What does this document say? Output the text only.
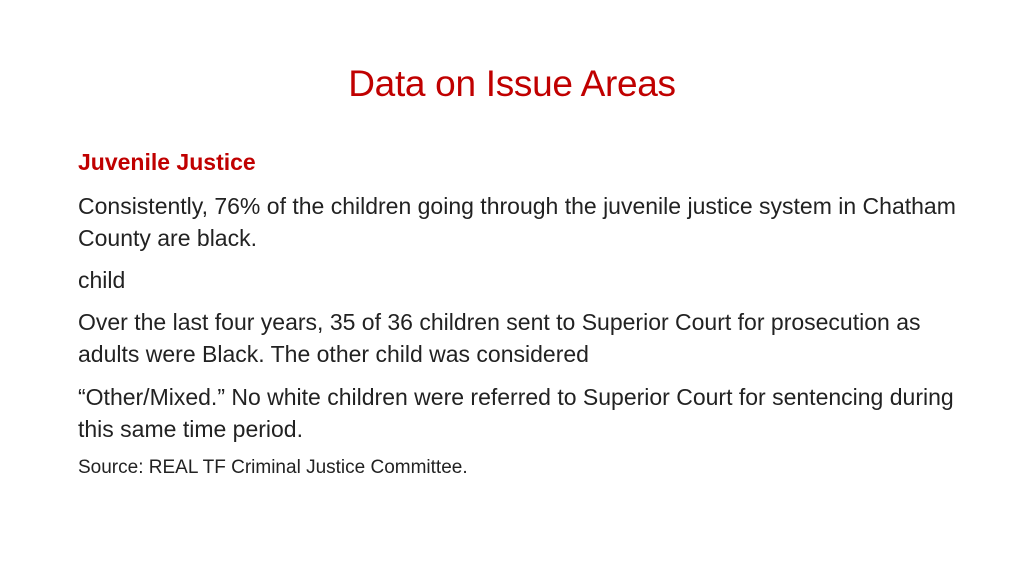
Data on Issue Areas
Juvenile Justice
Consistently, 76% of the children going through the juvenile justice system in Chatham County are black.
child
Over the last four years, 35 of 36 children sent to Superior Court for prosecution as adults were Black. The other child was considered
“Other/Mixed.” No white children were referred to Superior Court for sentencing during this same time period.
Source: REAL TF Criminal Justice Committee.
